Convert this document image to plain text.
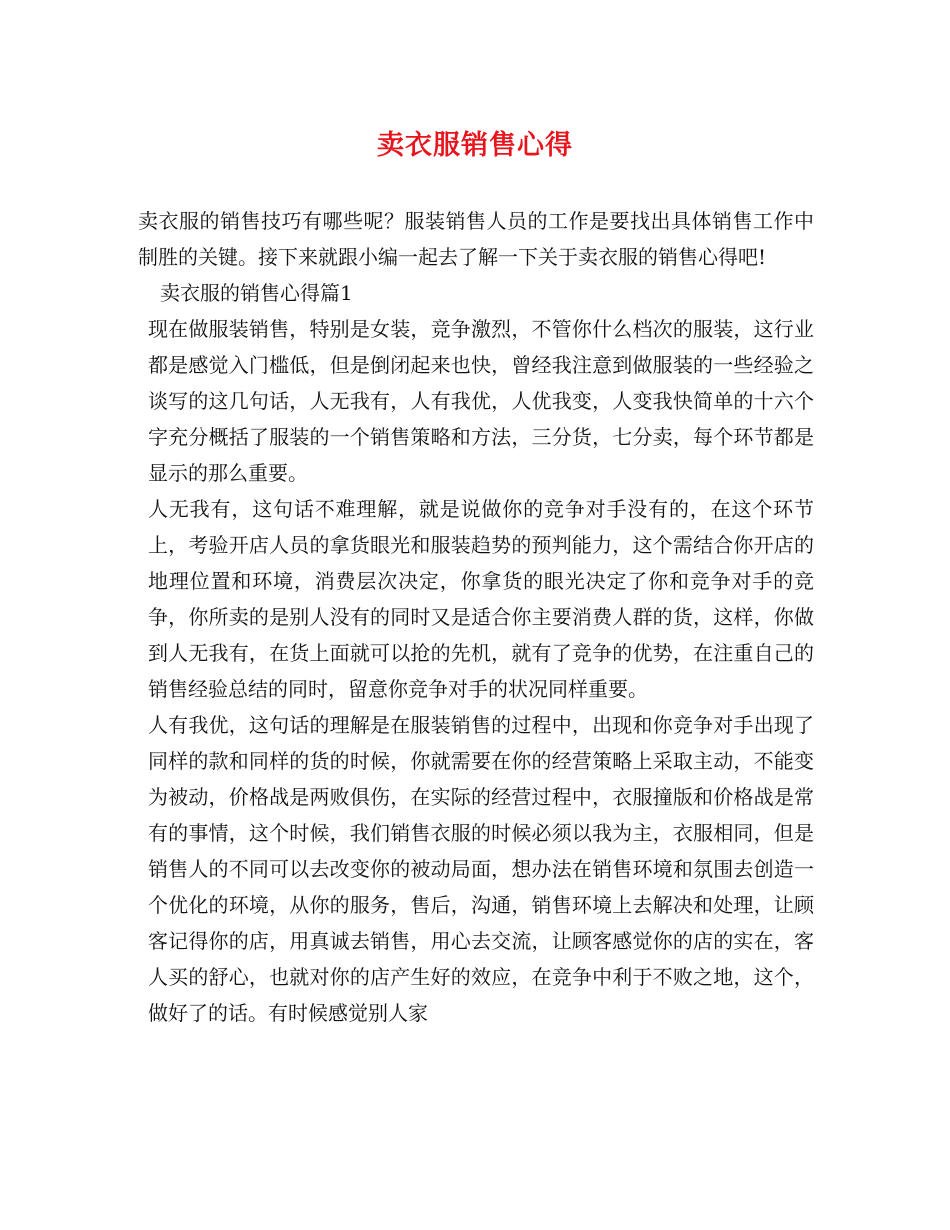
卖衣服销售心得

卖衣服的销售技巧有哪些呢？服装销售人员的工作是要找出具体销售工作中制胜的关键。接下来就跟小编一起去了解一下关于卖衣服的销售心得吧!

卖衣服的销售心得篇1

现在做服装销售，特别是女装，竞争激烈，不管你什么档次的服装，这行业都是感觉入门槛低，但是倒闭起来也快，曾经我注意到做服装的一些经验之谈写的这几句话，人无我有，人有我优，人优我变，人变我快简单的十六个字充分概括了服装的一个销售策略和方法，三分货，七分卖，每个环节都是显示的那么重要。

人无我有，这句话不难理解，就是说做你的竞争对手没有的，在这个环节上，考验开店人员的拿货眼光和服装趋势的预判能力，这个需结合你开店的地理位置和环境，消费层次决定，你拿货的眼光决定了你和竞争对手的竞争，你所卖的是别人没有的同时又是适合你主要消费人群的货，这样，你做到人无我有，在货上面就可以抢的先机，就有了竞争的优势，在注重自己的销售经验总结的同时，留意你竞争对手的状况同样重要。

人有我优，这句话的理解是在服装销售的过程中，出现和你竞争对手出现了同样的款和同样的货的时候，你就需要在你的经营策略上采取主动，不能变为被动，价格战是两败俱伤，在实际的经营过程中，衣服撞版和价格战是常有的事情，这个时候，我们销售衣服的时候必须以我为主，衣服相同，但是销售人的不同可以去改变你的被动局面，想办法在销售环境和氛围去创造一个优化的环境，从你的服务，售后，沟通，销售环境上去解决和处理，让顾客记得你的店，用真诚去销售，用心去交流，让顾客感觉你的店的实在，客人买的舒心，也就对你的店产生好的效应，在竞争中利于不败之地，这个，做好了的话。有时候感觉别人家
